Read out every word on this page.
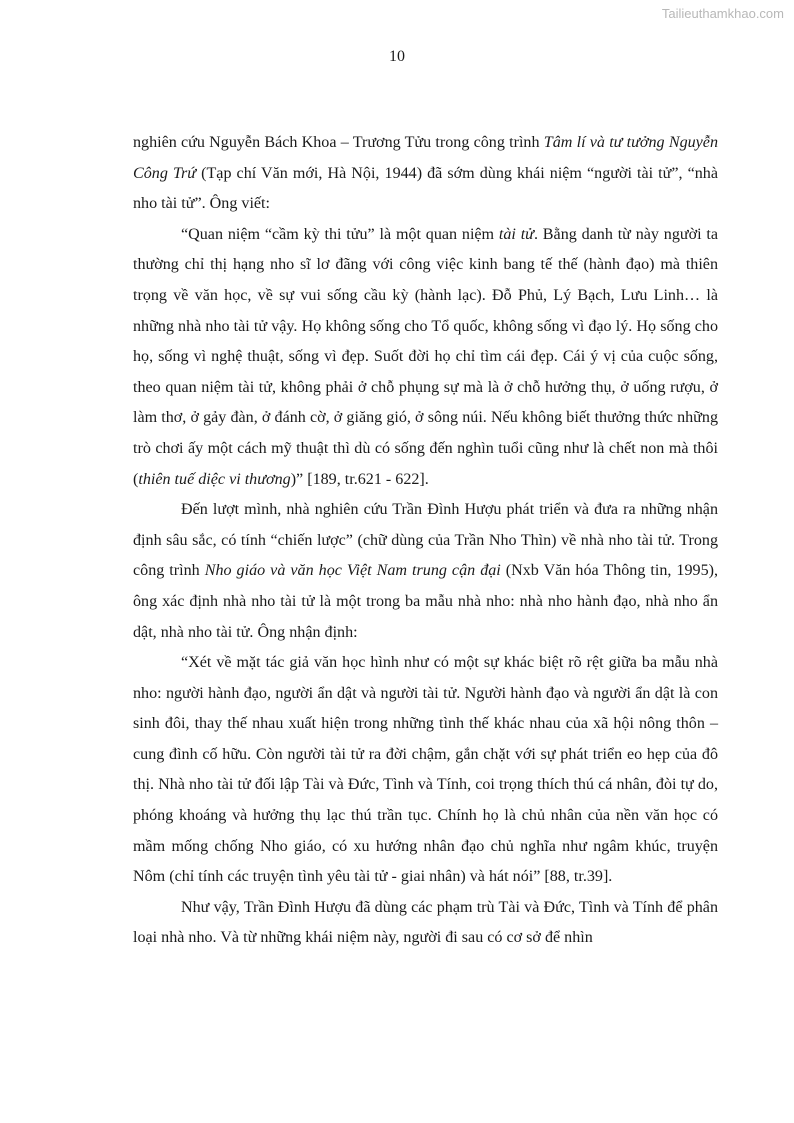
Tailieuthamkhao.com
10

nghiên cứu Nguyễn Bách Khoa – Trương Tửu trong công trình Tâm lí và tư tưởng Nguyễn Công Trứ (Tạp chí Văn mới, Hà Nội, 1944) đã sớm dùng khái niệm “người tài tử”, “nhà nho tài tử”. Ông viết:

“Quan niệm “cầm kỳ thi tửu” là một quan niệm tài tử. Bằng danh từ này người ta thường chỉ thị hạng nho sĩ lơ đãng với công việc kinh bang tế thế (hành đạo) mà thiên trọng về văn học, về sự vui sống cầu kỳ (hành lạc). Đỗ Phủ, Lý Bạch, Lưu Linh… là những nhà nho tài tử vậy. Họ không sống cho Tổ quốc, không sống vì đạo lý. Họ sống cho họ, sống vì nghệ thuật, sống vì đẹp. Suốt đời họ chỉ tìm cái đẹp. Cái ý vị của cuộc sống, theo quan niệm tài tử, không phải ở chỗ phụng sự mà là ở chỗ hưởng thụ, ở uống rượu, ở làm thơ, ở gảy đàn, ở đánh cờ, ở giăng gió, ở sông núi. Nếu không biết thưởng thức những trò chơi ấy một cách mỹ thuật thì dù có sống đến nghìn tuổi cũng như là chết non mà thôi (thiên tuế diệc vi thương)” [189, tr.621 - 622].

Đến lượt mình, nhà nghiên cứu Trần Đình Hượu phát triển và đưa ra những nhận định sâu sắc, có tính “chiến lược” (chữ dùng của Trần Nho Thìn) về nhà nho tài tử. Trong công trình Nho giáo và văn học Việt Nam trung cận đại (Nxb Văn hóa Thông tin, 1995), ông xác định nhà nho tài tử là một trong ba mẫu nhà nho: nhà nho hành đạo, nhà nho ẩn dật, nhà nho tài tử. Ông nhận định:

“Xét về mặt tác giả văn học hình như có một sự khác biệt rõ rệt giữa ba mẫu nhà nho: người hành đạo, người ẩn dật và người tài tử. Người hành đạo và người ẩn dật là con sinh đôi, thay thế nhau xuất hiện trong những tình thế khác nhau của xã hội nông thôn – cung đình cố hữu. Còn người tài tử ra đời chậm, gắn chặt với sự phát triển eo hẹp của đô thị. Nhà nho tài tử đối lập Tài và Đức, Tình và Tính, coi trọng thích thú cá nhân, đòi tự do, phóng khoáng và hưởng thụ lạc thú trần tục. Chính họ là chủ nhân của nền văn học có mầm mống chống Nho giáo, có xu hướng nhân đạo chủ nghĩa như ngâm khúc, truyện Nôm (chỉ tính các truyện tình yêu tài tử - giai nhân) và hát nói” [88, tr.39].

Như vậy, Trần Đình Hượu đã dùng các phạm trù Tài và Đức, Tình và Tính để phân loại nhà nho. Và từ những khái niệm này, người đi sau có cơ sở để nhìn
